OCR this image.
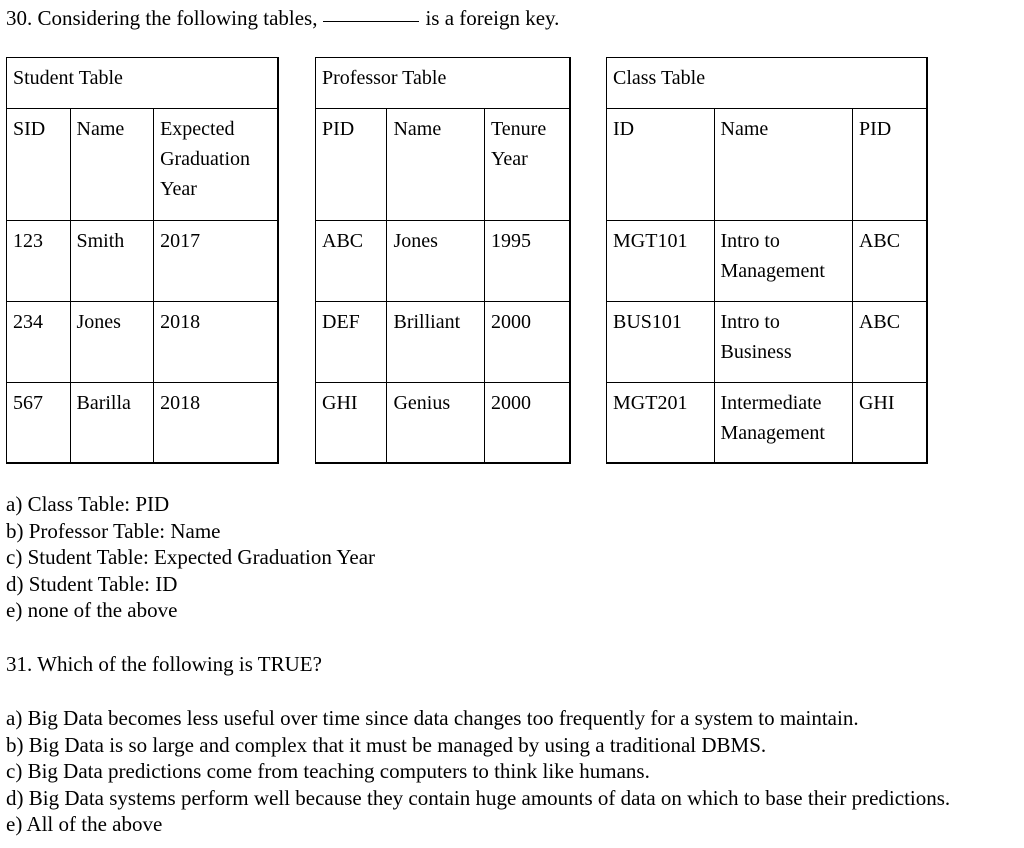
30. Considering the following tables,	is a foreign key.
Student Table		
SID	Name	Expected Graduation Year
123	Smith	2017
234	Jones	2018
567	Barilla	2018
Professor Table		
PID	Name	Tenure Year
ABC	Jones	1995
DEF	Brilliant	2000
GHI	Genius	2000
Class Table		
ID	Name	PID
MGT101	Intro to Management	ABC
BUS101	Intro to Business	ABC
MGT201	Intermediate Management	GHI
a) Class Table: PID
b) Professor Table: Name
c) Student Table: Expected Graduation Year
d) Student Table: ID
e) none of the above
31. Which of the following is TRUE?
a) Big Data becomes less useful over time since data changes too frequently for a system to maintain.
b) Big Data is so large and complex that it must be managed by using a traditional DBMS.
c) Big Data predictions come from teaching computers to think like humans.
d) Big Data systems perform well because they contain huge amounts of data on which to base their predictions.
e) All of the above
